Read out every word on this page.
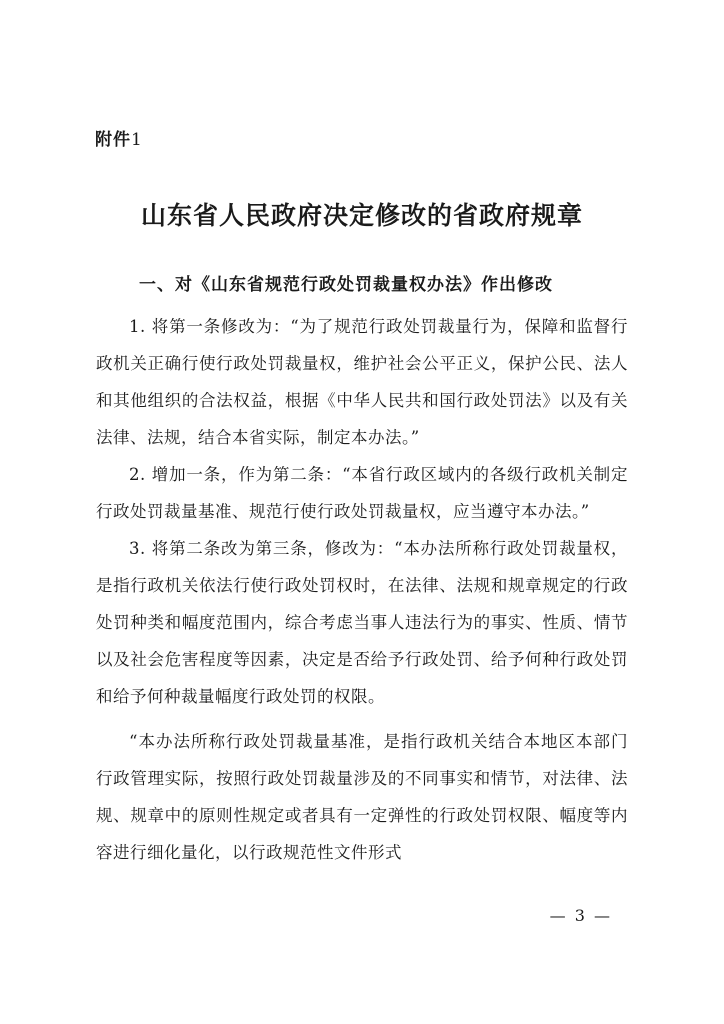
附件1
山东省人民政府决定修改的省政府规章
一、对《山东省规范行政处罚裁量权办法》作出修改

1. 将第一条修改为：“为了规范行政处罚裁量行为，保障和监督行政机关正确行使行政处罚裁量权，维护社会公平正义，保护公民、法人和其他组织的合法权益，根据《中华人民共和国行政处罚法》以及有关法律、法规，结合本省实际，制定本办法。”

2. 增加一条，作为第二条：“本省行政区域内的各级行政机关制定行政处罚裁量基准、规范行使行政处罚裁量权，应当遵守本办法。”

3. 将第二条改为第三条，修改为：“本办法所称行政处罚裁量权，是指行政机关依法行使行政处罚权时，在法律、法规和规章规定的行政处罚种类和幅度范围内，综合考虑当事人违法行为的事实、性质、情节以及社会危害程度等因素，决定是否给予行政处罚、给予何种行政处罚和给予何种裁量幅度行政处罚的权限。

“本办法所称行政处罚裁量基准，是指行政机关结合本地区本部门行政管理实际，按照行政处罚裁量涉及的不同事实和情节，对法律、法规、规章中的原则性规定或者具有一定弹性的行政处罚权限、幅度等内容进行细化量化，以行政规范性文件形式

— 3 —
